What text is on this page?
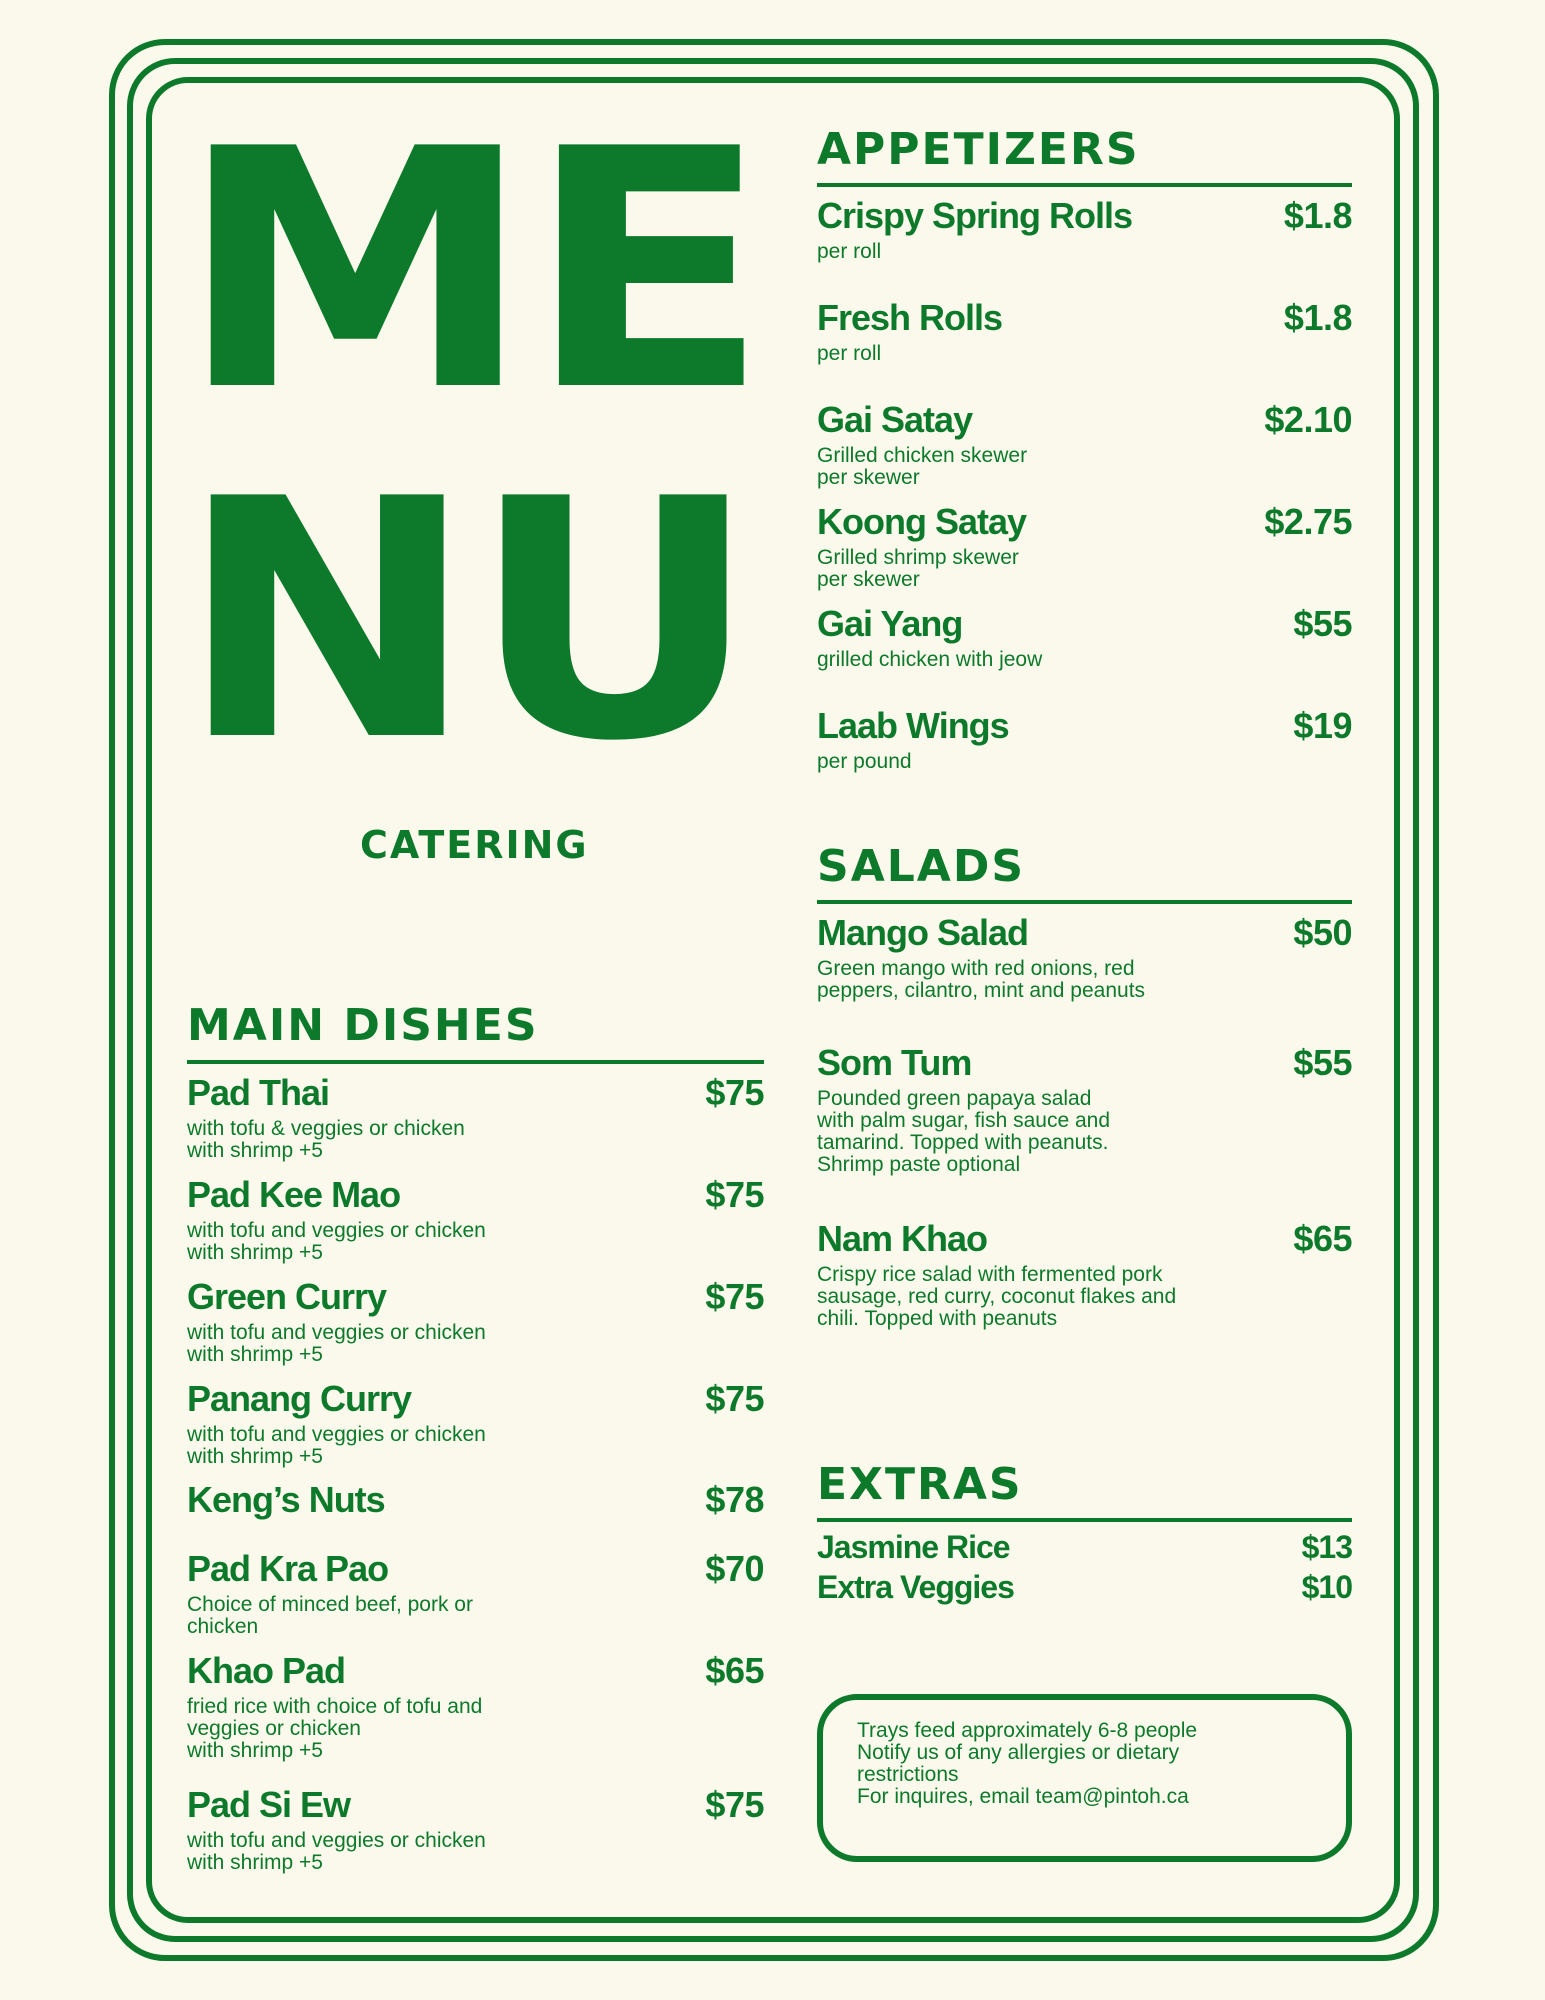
ME
NU

CATERING

MAIN DISHES
Pad Thai	$75
with tofu & veggies or chicken
with shrimp +5
Pad Kee Mao	$75
with tofu and veggies or chicken
with shrimp +5
Green Curry	$75
with tofu and veggies or chicken
with shrimp +5
Panang Curry	$75
with tofu and veggies or chicken
with shrimp +5
Keng’s Nuts	$78
Pad Kra Pao	$70
Choice of minced beef, pork or
chicken
Khao Pad	$65
fried rice with choice of tofu and
veggies or chicken
with shrimp +5
Pad Si Ew	$75
with tofu and veggies or chicken
with shrimp +5
APPETIZERS
Crispy Spring Rolls	$1.8
per roll
Fresh Rolls	$1.8
per roll
Gai Satay	$2.10
Grilled chicken skewer
per skewer
Koong Satay	$2.75
Grilled shrimp skewer
per skewer
Gai Yang	$55
grilled chicken with jeow
Laab Wings	$19
per pound
SALADS
Mango Salad	$50
Green mango with red onions, red
peppers, cilantro, mint and peanuts
Som Tum	$55
Pounded green papaya salad
with palm sugar, fish sauce and
tamarind. Topped with peanuts.
Shrimp paste optional
Nam Khao	$65
Crispy rice salad with fermented pork
sausage, red curry, coconut flakes and
chili. Topped with peanuts
EXTRAS
Jasmine Rice	$13
Extra Veggies	$10

Trays feed approximately 6-8 people

Notify us of any allergies or dietary restrictions

For inquires, email team@pintoh.ca
